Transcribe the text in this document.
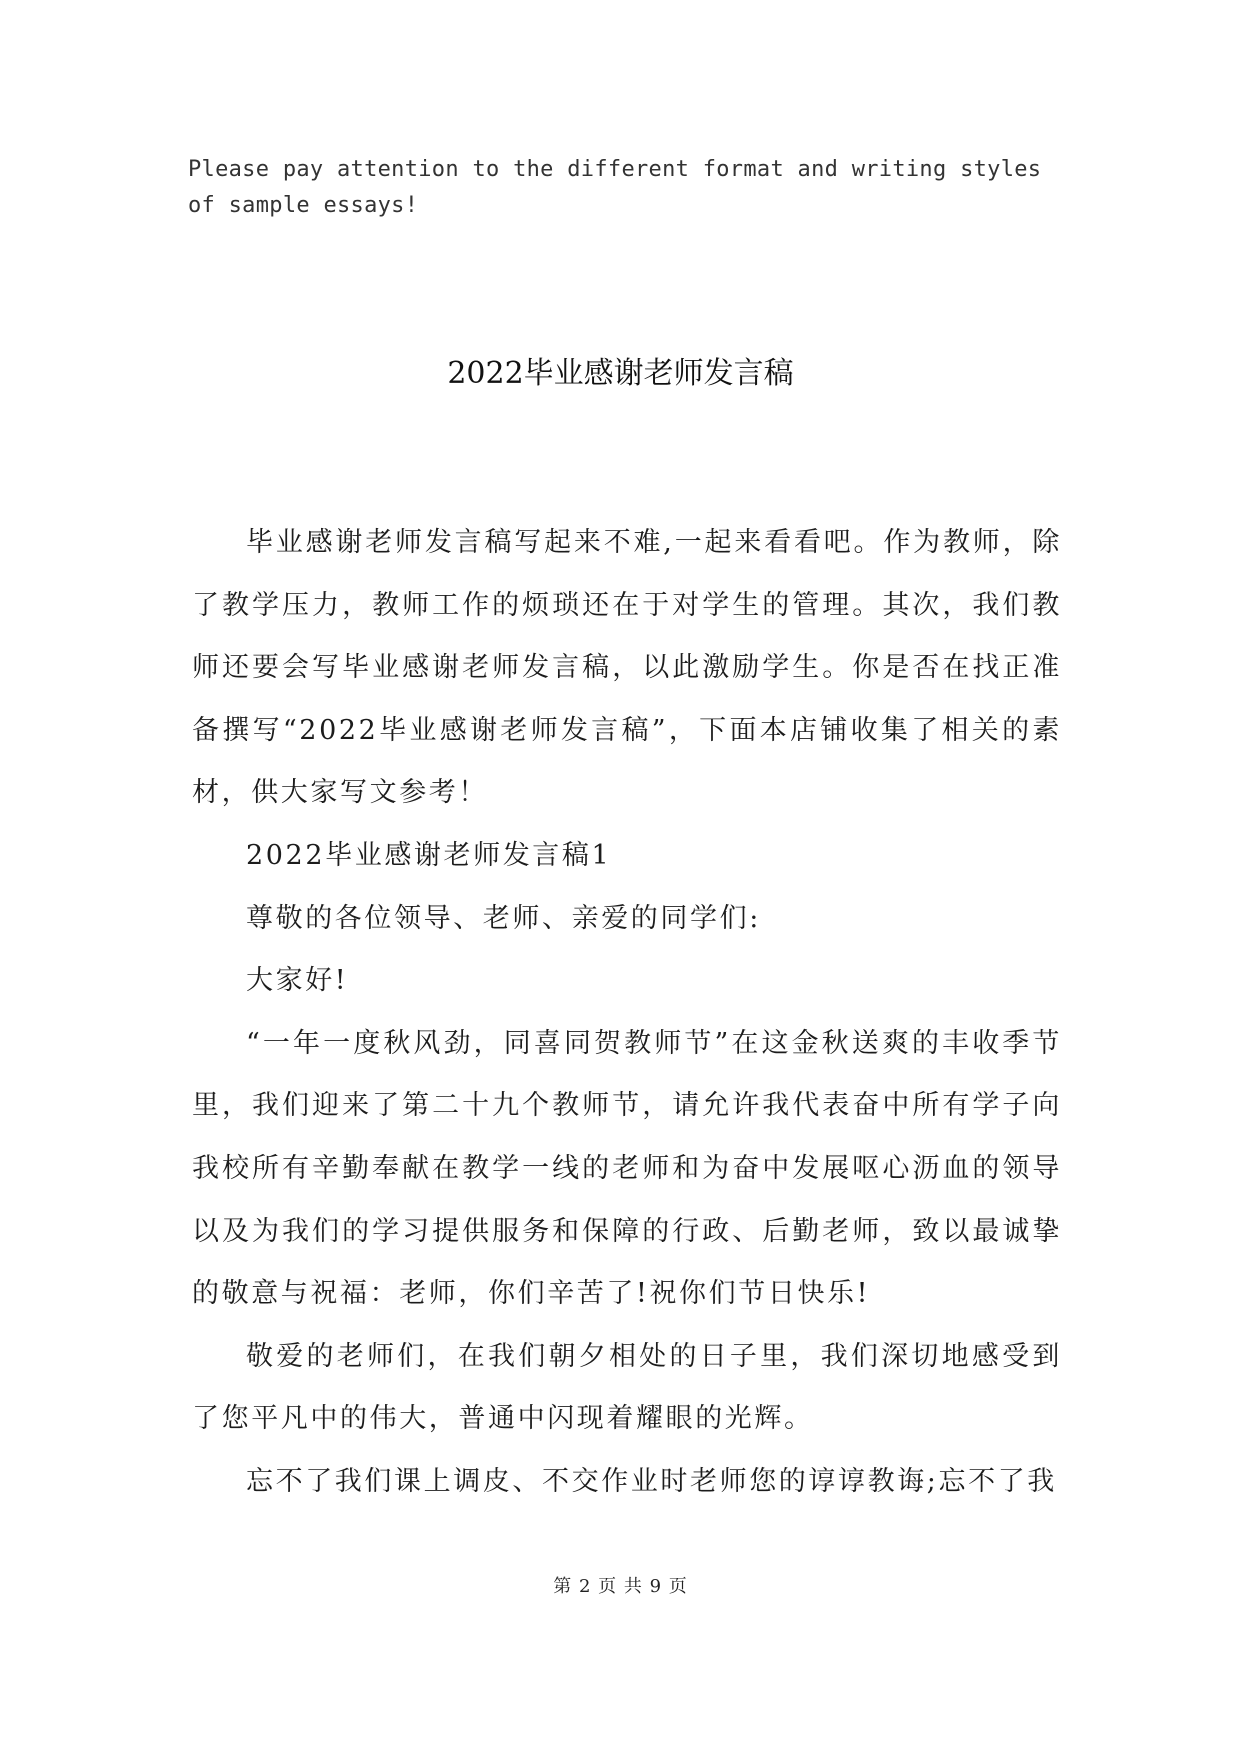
Please pay attention to the different format and writing styles of sample essays!
2022毕业感谢老师发言稿

毕业感谢老师发言稿写起来不难,一起来看看吧。作为教师，除了教学压力，教师工作的烦琐还在于对学生的管理。其次，我们教师还要会写毕业感谢老师发言稿，以此激励学生。你是否在找正准备撰写“2022毕业感谢老师发言稿”，下面本店铺收集了相关的素材，供大家写文参考！

2022毕业感谢老师发言稿1

尊敬的各位领导、老师、亲爱的同学们:

大家好!

“一年一度秋风劲，同喜同贺教师节”在这金秋送爽的丰收季节里，我们迎来了第二十九个教师节，请允许我代表奋中所有学子向我校所有辛勤奉献在教学一线的老师和为奋中发展呕心沥血的领导以及为我们的学习提供服务和保障的行政、后勤老师，致以最诚挚的敬意与祝福：老师，你们辛苦了!祝你们节日快乐!

敬爱的老师们，在我们朝夕相处的日子里，我们深切地感受到了您平凡中的伟大，普通中闪现着耀眼的光辉。

忘不了我们课上调皮、不交作业时老师您的谆谆教诲;忘不了我

第 2 页 共 9 页
